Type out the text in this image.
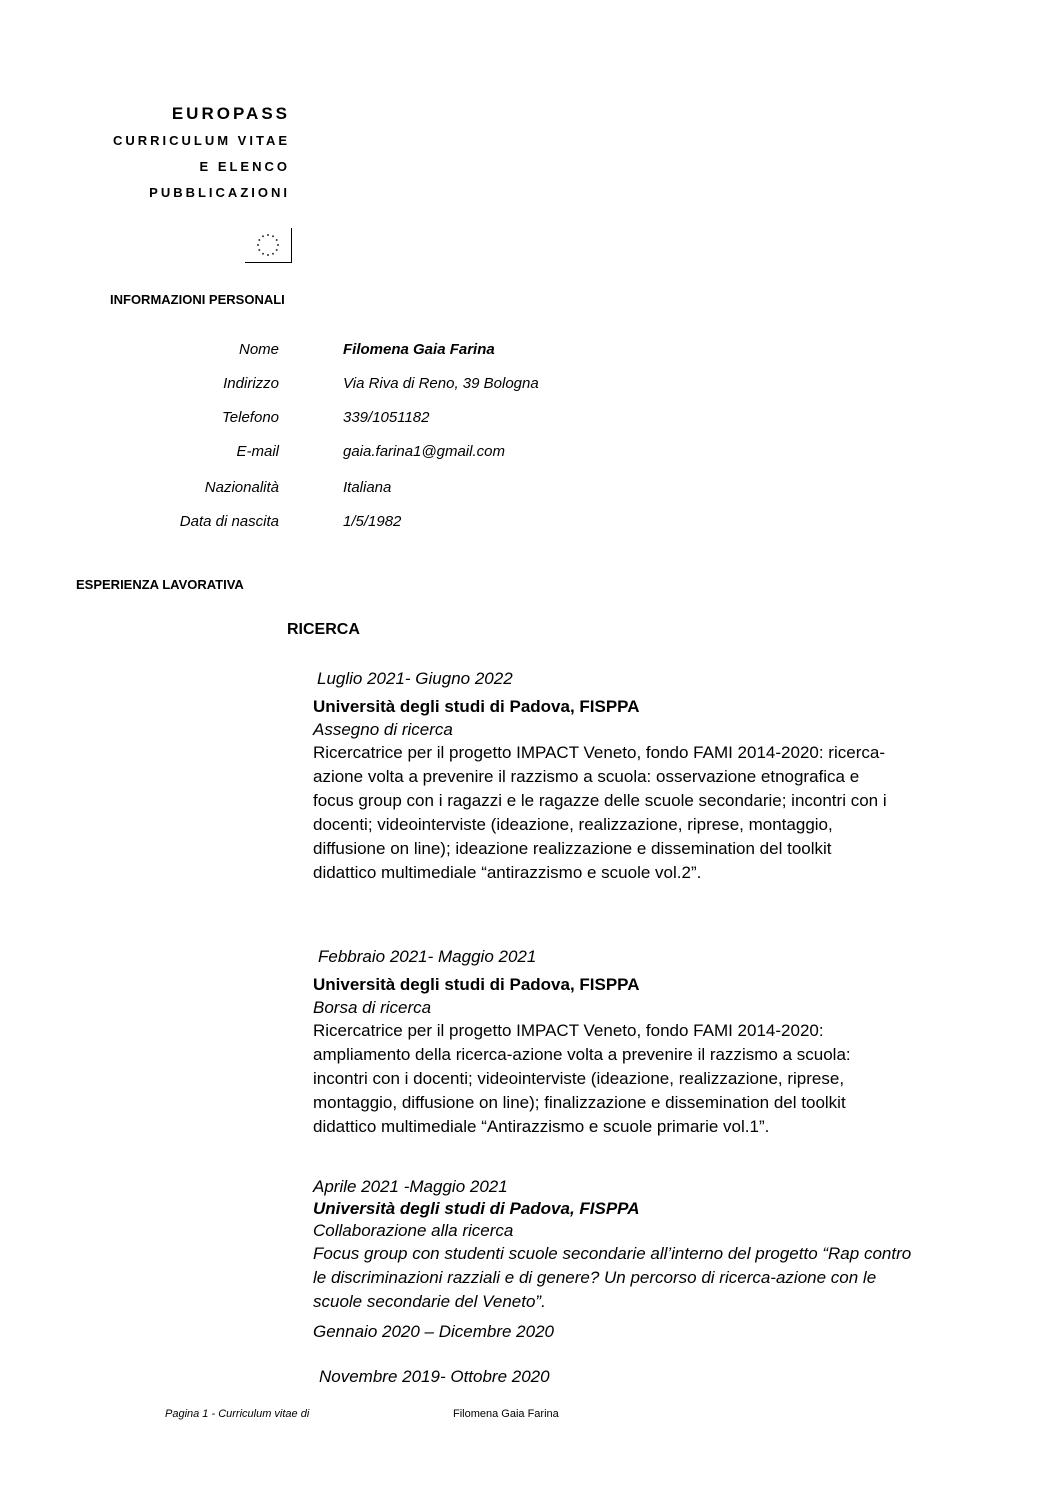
EUROPASS
CURRICULUM VITAE
E ELENCO
PUBBLICAZIONI
INFORMAZIONI PERSONALI
Nome	Filomena Gaia Farina
Indirizzo	Via Riva di Reno, 39 Bologna
Telefono	339/1051182
E-mail	gaia.farina1@gmail.com
Nazionalità	Italiana
Data di nascita	1/5/1982
ESPERIENZA LAVORATIVA
RICERCA
Luglio 2021- Giugno 2022
Università degli studi di Padova, FISPPA
Assegno di ricerca
Ricercatrice per il progetto IMPACT Veneto, fondo FAMI 2014-2020: ricerca-azione volta a prevenire il razzismo a scuola: osservazione etnografica e focus group con i ragazzi e le ragazze delle scuole secondarie; incontri con i docenti; videointerviste (ideazione, realizzazione, riprese, montaggio, diffusione on line); ideazione realizzazione e dissemination del toolkit didattico multimediale “antirazzismo e scuole vol.2”.
Febbraio 2021- Maggio 2021
Università degli studi di Padova, FISPPA
Borsa di ricerca
Ricercatrice per il progetto IMPACT Veneto, fondo FAMI 2014-2020: ampliamento della ricerca-azione volta a prevenire il razzismo a scuola: incontri con i docenti; videointerviste (ideazione, realizzazione, riprese, montaggio, diffusione on line); finalizzazione e dissemination del toolkit didattico multimediale “Antirazzismo e scuole primarie vol.1”.
Aprile 2021 -Maggio 2021
Università degli studi di Padova, FISPPA
Collaborazione alla ricerca
Focus group con studenti scuole secondarie all’interno del progetto “Rap contro le discriminazioni razziali e di genere? Un percorso di ricerca-azione con le scuole secondarie del Veneto”.
Gennaio 2020 – Dicembre 2020
Novembre 2019- Ottobre 2020
Pagina 1 - Curriculum vitae di	Filomena Gaia Farina
